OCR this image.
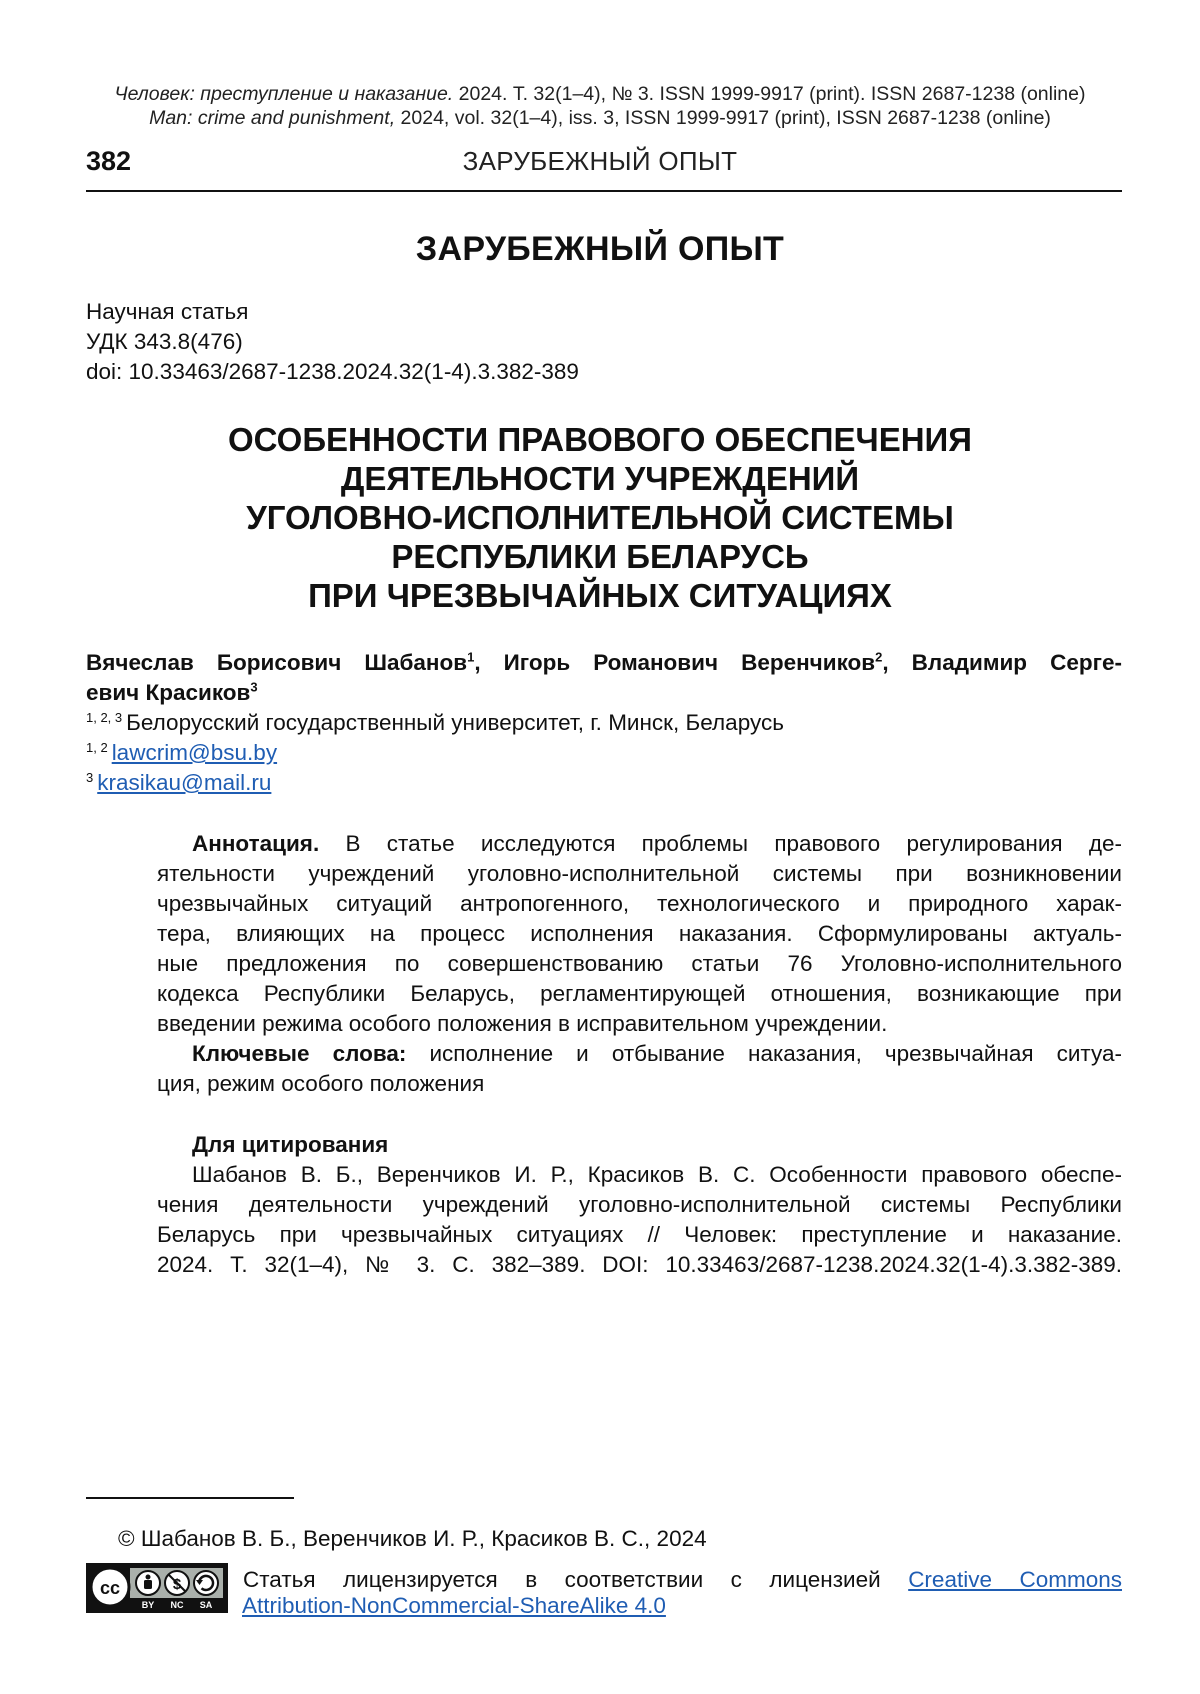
Человек: преступление и наказание. 2024. Т. 32(1–4), № 3. ISSN 1999-9917 (print). ISSN 2687-1238 (online)
Man: crime and punishment, 2024, vol. 32(1–4), iss. 3, ISSN 1999-9917 (print), ISSN 2687-1238 (online)
382	ЗАРУБЕЖНЫЙ ОПЫТ
ЗАРУБЕЖНЫЙ ОПЫТ
Научная статья
УДК 343.8(476)
doi: 10.33463/2687-1238.2024.32(1-4).3.382-389
ОСОБЕННОСТИ ПРАВОВОГО ОБЕСПЕЧЕНИЯ
ДЕЯТЕЛЬНОСТИ УЧРЕЖДЕНИЙ
УГОЛОВНО-ИСПОЛНИТЕЛЬНОЙ СИСТЕМЫ
РЕСПУБЛИКИ БЕЛАРУСЬ
ПРИ ЧРЕЗВЫЧАЙНЫХ СИТУАЦИЯХ
Вячеслав Борисович Шабанов1, Игорь Романович Веренчиков2, Владимир Серге-
евич Красиков3
1, 2, 3 Белорусский государственный университет, г. Минск, Беларусь
1, 2 lawcrim@bsu.by
3 krasikau@mail.ru
Аннотация. В статье исследуются проблемы правового регулирования де-
ятельности учреждений уголовно-исполнительной системы при возникновении
чрезвычайных ситуаций антропогенного, технологического и природного харак-
тера, влияющих на процесс исполнения наказания. Сформулированы актуаль-
ные предложения по совершенствованию статьи 76 Уголовно-исполнительного
кодекса Республики Беларусь, регламентирующей отношения, возникающие при
введении режима особого положения в исправительном учреждении.
Ключевые слова: исполнение и отбывание наказания, чрезвычайная ситуа-
ция, режим особого положения
Для цитирования
Шабанов В. Б., Веренчиков И. Р., Красиков В. С. Особенности правового обеспе-
чения деятельности учреждений уголовно-исполнительной системы Республики
Беларусь при чрезвычайных ситуациях // Человек: преступление и наказание.
2024. Т. 32(1–4), № 3. С. 382–389. DOI: 10.33463/2687-1238.2024.32(1-4).3.382-389.
© Шабанов В. Б., Веренчиков И. Р., Красиков В. С., 2024
cc	$
BY NC SA
Статья лицензируется в соответствии с лицензией Creative Commons
Attribution-NonCommercial-ShareAlike 4.0
